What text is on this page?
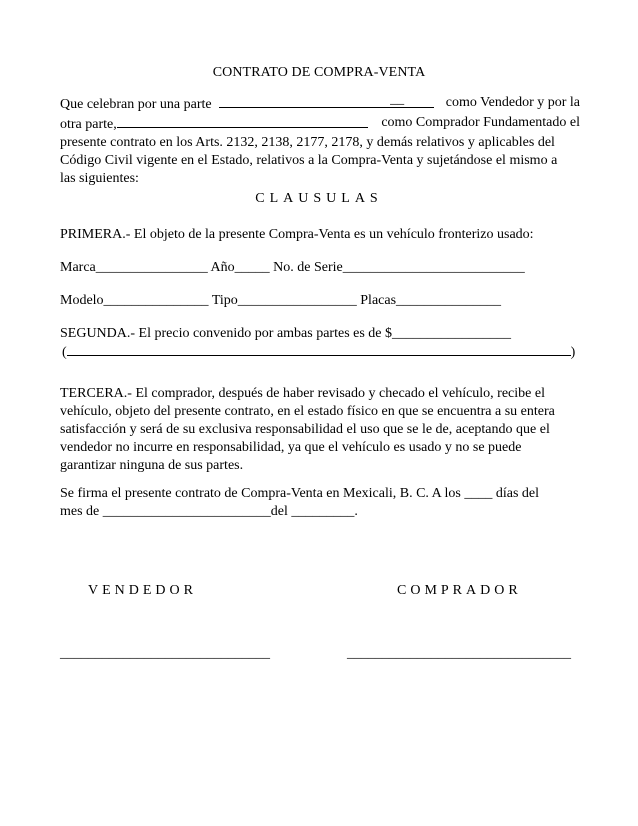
CONTRATO DE COMPRA-VENTA
Que celebran por una parte	__	como Vendedor y por la
otra parte,	como Comprador Fundamentado el
presente contrato en los Arts. 2132, 2138, 2177, 2178, y demás relativos y aplicables del
Código Civil vigente en el Estado, relativos a la Compra-Venta y sujetándose el mismo a
las siguientes:
CLAUSULAS
PRIMERA.- El objeto de la presente Compra-Venta es un vehículo fronterizo usado:
Marca________________ Año_____ No. de Serie__________________________
Modelo_______________ Tipo_________________ Placas_______________
SEGUNDA.- El precio convenido por ambas partes es de $_________________
(	)
TERCERA.- El comprador, después de haber revisado y checado el vehículo, recibe el
vehículo, objeto del presente contrato, en el estado físico en que se encuentra a su entera
satisfacción y será de su exclusiva responsabilidad el uso que se le de, aceptando que el
vendedor no incurre en responsabilidad, ya que el vehículo es usado y no se puede
garantizar ninguna de sus partes.
Se firma el presente contrato de Compra-Venta en Mexicali, B. C. A los ____ días del
mes de ________________________del _________.
VENDEDOR	COMPRADOR
______________________________	________________________________
